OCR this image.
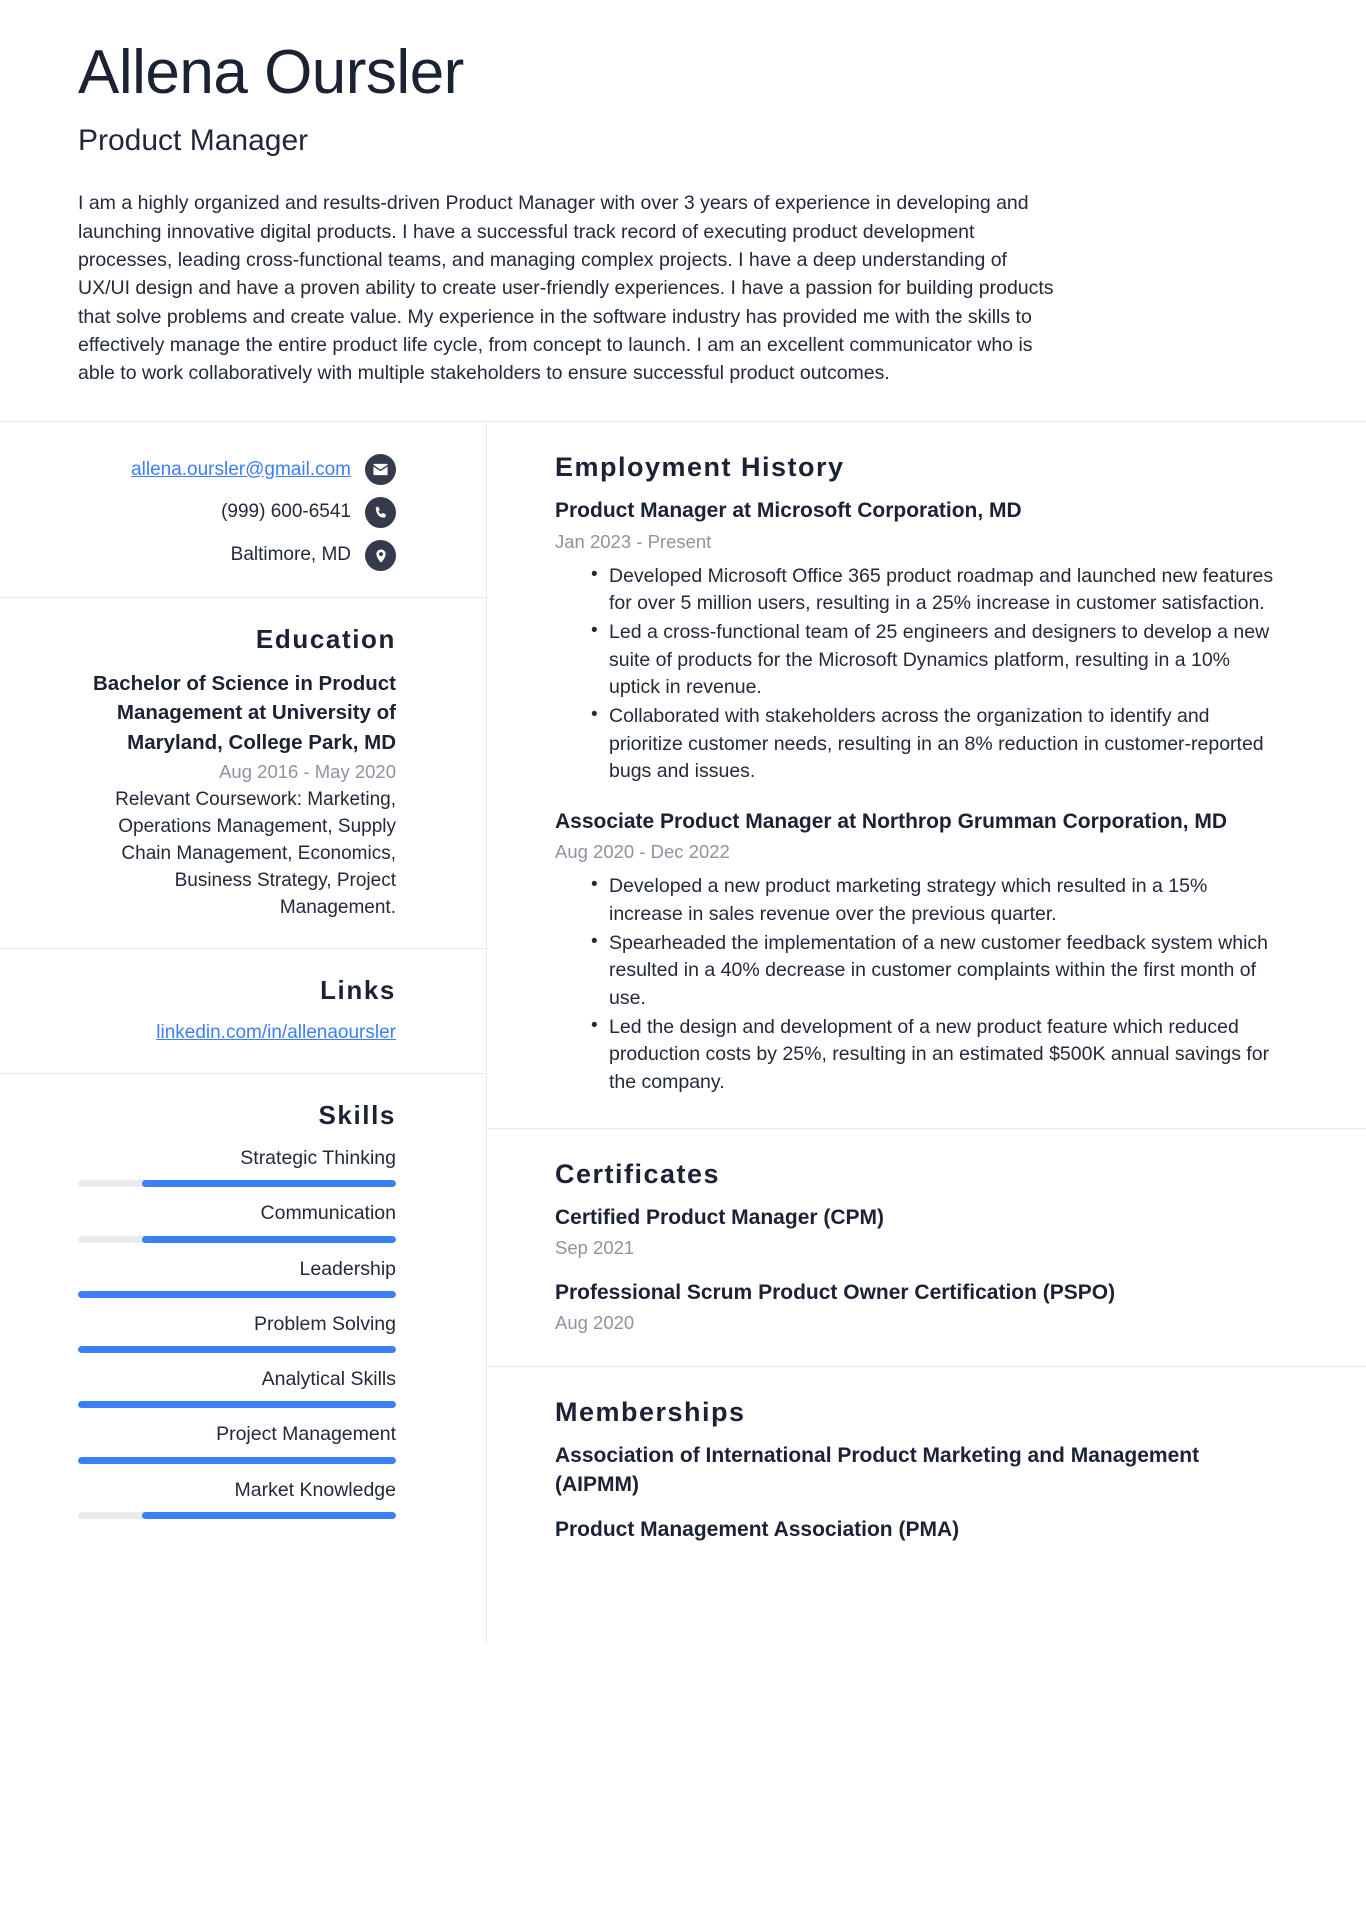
Allena Oursler
Product Manager

I am a highly organized and results-driven Product Manager with over 3 years of experience in developing and launching innovative digital products. I have a successful track record of executing product development processes, leading cross-functional teams, and managing complex projects. I have a deep understanding of UX/UI design and have a proven ability to create user-friendly experiences. I have a passion for building products that solve problems and create value. My experience in the software industry has provided me with the skills to effectively manage the entire product life cycle, from concept to launch. I am an excellent communicator who is able to work collaboratively with multiple stakeholders to ensure successful product outcomes.

allena.oursler@gmail.com
(999) 600-6541
Baltimore, MD
Education
Bachelor of Science in Product Management at University of Maryland, College Park, MD
Aug 2016 - May 2020
Relevant Coursework: Marketing, Operations Management, Supply Chain Management, Economics, Business Strategy, Project Management.
Links
linkedin.com/in/allenaoursler
Skills
Strategic Thinking
Communication
Leadership
Problem Solving
Analytical Skills
Project Management
Market Knowledge
Employment History
Product Manager at Microsoft Corporation, MD
Jan 2023 - Present
• Developed Microsoft Office 365 product roadmap and launched new features for over 5 million users, resulting in a 25% increase in customer satisfaction.
• Led a cross-functional team of 25 engineers and designers to develop a new suite of products for the Microsoft Dynamics platform, resulting in a 10% uptick in revenue.
• Collaborated with stakeholders across the organization to identify and prioritize customer needs, resulting in an 8% reduction in customer-reported bugs and issues.
Associate Product Manager at Northrop Grumman Corporation, MD
Aug 2020 - Dec 2022
• Developed a new product marketing strategy which resulted in a 15% increase in sales revenue over the previous quarter.
• Spearheaded the implementation of a new customer feedback system which resulted in a 40% decrease in customer complaints within the first month of use.
• Led the design and development of a new product feature which reduced production costs by 25%, resulting in an estimated $500K annual savings for the company.
Certificates
Certified Product Manager (CPM)
Sep 2021
Professional Scrum Product Owner Certification (PSPO)
Aug 2020
Memberships
Association of International Product Marketing and Management (AIPMM)
Product Management Association (PMA)
